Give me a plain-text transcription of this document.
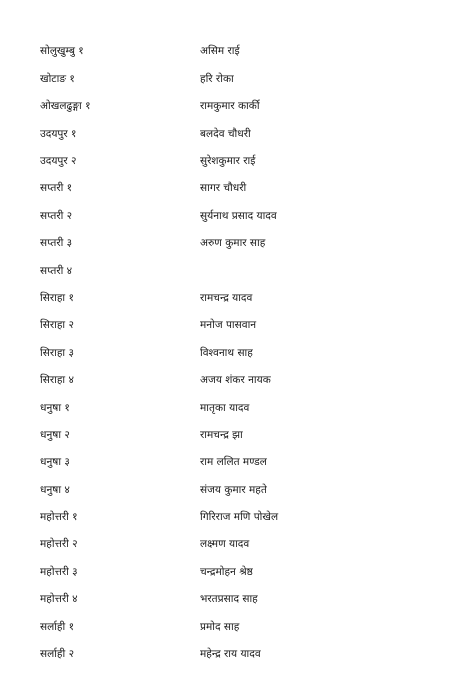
सोलुखुम्बु १	असिम राई
खोटाङ १	हरि रोका
ओखलढुङ्गा १	रामकुमार कार्की
उदयपुर १	बलदेव चौधरी
उदयपुर २	सुरेशकुमार राई
सप्तरी १	सागर चौधरी
सप्तरी २	सुर्यनाथ प्रसाद यादव
सप्तरी ३	अरुण कुमार साह
सप्तरी ४
सिराहा १	रामचन्द्र यादव
सिराहा २	मनोज पासवान
सिराहा ३	विश्वनाथ साह
सिराहा ४	अजय शंकर नायक
धनुषा १	मातृका यादव
धनुषा २	रामचन्द्र झा
धनुषा ३	राम ललित मण्डल
धनुषा ४	संजय कुमार महते
महोत्तरी १	गिरिराज मणि पोखेल
महोत्तरी २	लक्ष्मण यादव
महोत्तरी ३	चन्द्रमोहन श्रेष्ठ
महोत्तरी ४	भरतप्रसाद साह
सर्लाही १	प्रमोद साह
सर्लाही २	महेन्द्र राय यादव
